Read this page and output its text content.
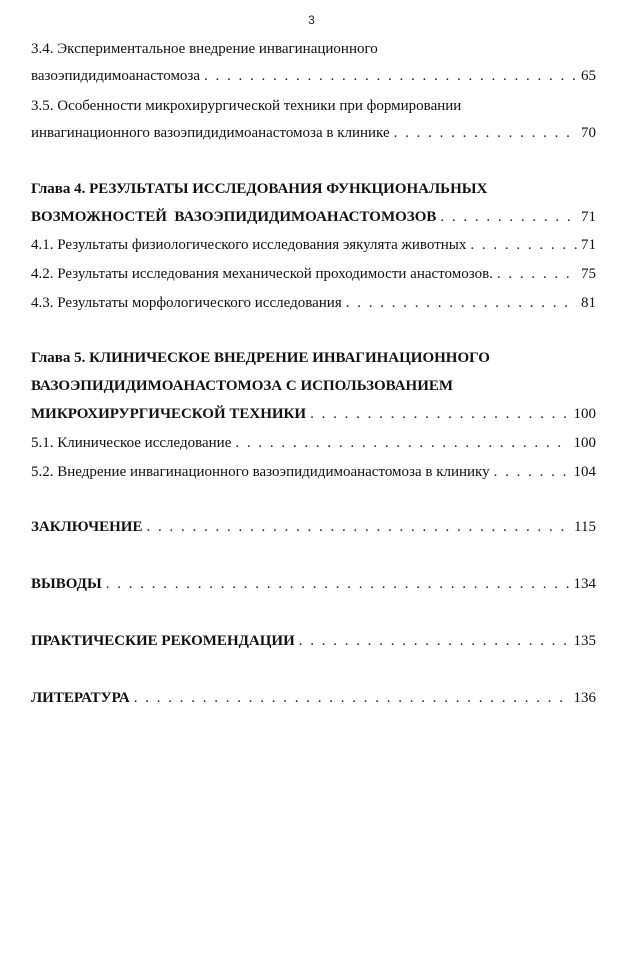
3
3.4. Экспериментальное внедрение инвагинационного
вазоэпидидимоанастомоза . . .	65
3.5. Особенности микрохирургической техники при формировании
инвагинационного вазоэпидидимоанастомоза в клинике . . .	70
Глава 4. РЕЗУЛЬТАТЫ ИССЛЕДОВАНИЯ ФУНКЦИОНАЛЬНЫХ
ВОЗМОЖНОСТЕЙ  ВАЗОЭПИДИДИМОАНАСТОМОЗОВ . . .	71
4.1. Результаты физиологического исследования эякулята животных . . .	71
4.2. Результаты исследования механической проходимости анастомозов. . . .	75
4.3. Результаты морфологического исследования . . .	81
Глава 5. КЛИНИЧЕСКОЕ ВНЕДРЕНИЕ ИНВАГИНАЦИОННОГО
ВАЗОЭПИДИДИМОАНАСТОМОЗА С ИСПОЛЬЗОВАНИЕМ
МИКРОХИРУРГИЧЕСКОЙ ТЕХНИКИ . . .	100
5.1. Клиническое исследование . . .	100
5.2. Внедрение инвагинационного вазоэпидидимоанастомоза в клинику . . .	104
ЗАКЛЮЧЕНИЕ . . .	115
ВЫВОДЫ . . .	134
ПРАКТИЧЕСКИЕ РЕКОМЕНДАЦИИ . . .	135
ЛИТЕРАТУРА . . .	136
